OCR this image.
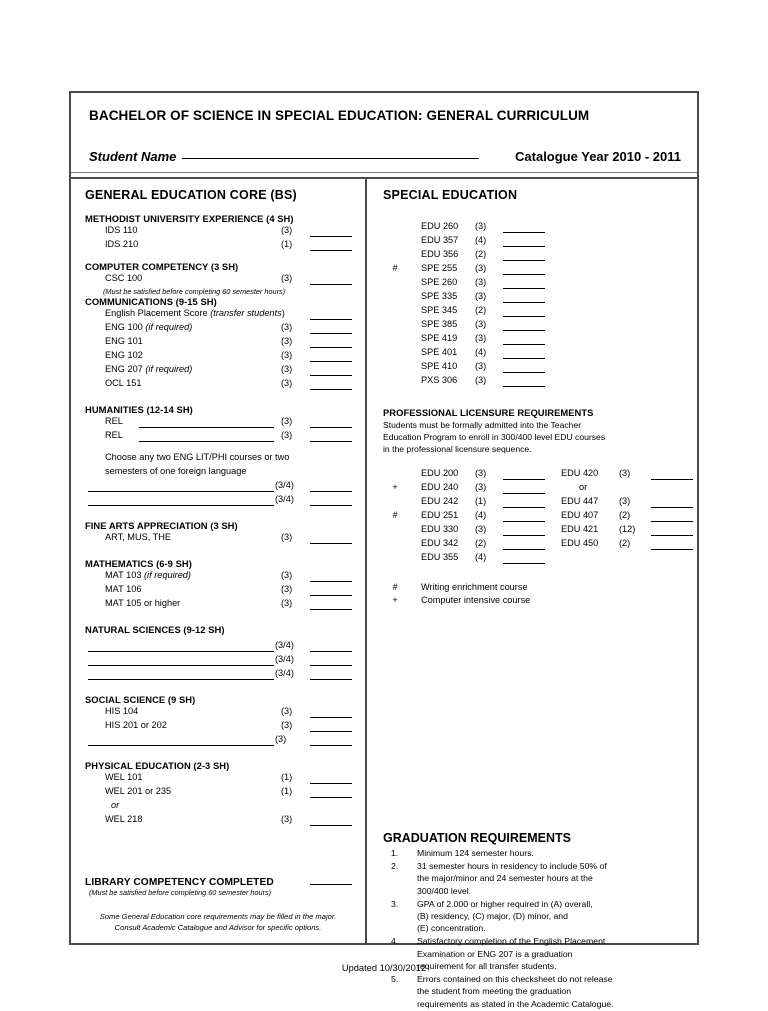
BACHELOR OF SCIENCE IN SPECIAL EDUCATION: GENERAL CURRICULUM
Student Name	Catalogue Year 2010 - 2011
GENERAL EDUCATION CORE (BS)
METHODIST UNIVERSITY EXPERIENCE (4 SH)
IDS 110	(3)
IDS 210	(1)
COMPUTER COMPETENCY (3 SH)
CSC 100	(3)
(Must be satisfied before completing 60 semester hours)
COMMUNICATIONS (9-15 SH)
English Placement Score (transfer students)
ENG 100 (if required)	(3)
ENG 101	(3)
ENG 102	(3)
ENG 207 (if required)	(3)
OCL 151	(3)
HUMANITIES (12-14 SH)
REL	(3)
REL	(3)
Choose any two ENG LIT/PHI courses or two
semesters of one foreign language
(3/4)
(3/4)
FINE ARTS APPRECIATION (3 SH)
ART, MUS, THE	(3)
MATHEMATICS (6-9 SH)
MAT 103 (if required)	(3)
MAT 106	(3)
MAT 105 or higher	(3)
NATURAL SCIENCES (9-12 SH)
(3/4)
(3/4)
(3/4)
SOCIAL SCIENCE (9 SH)
HIS 104	(3)
HIS 201 or 202	(3)
(3)
PHYSICAL EDUCATION (2-3 SH)
WEL 101	(1)
WEL 201 or 235	(1)
or
WEL 218	(3)
LIBRARY COMPETENCY COMPLETED
(Must be satisfied before completing 60 semester hours)
Some General Education core requirements may be filled in the major.
Consult Academic Catalogue and Advisor for specific options.
SPECIAL EDUCATION
EDU 260 (3)
EDU 357 (4)
EDU 356 (2)
#	SPE 255 (3)
SPE 260 (3)
SPE 335 (3)
SPE 345 (2)
SPE 385 (3)
SPE 419 (3)
SPE 401 (4)
SPE 410 (3)
PXS 306 (3)
PROFESSIONAL LICENSURE REQUIREMENTS

Students must be formally admitted into the Teacher

Education Program to enroll in 300/400 level EDU courses

in the professional licensure sequence.

EDU 200 (3)	EDU 420 (3)
+	EDU 240 (3)	or
EDU 242 (1)	EDU 447 (3)
#	EDU 251 (4)	EDU 407 (2)
EDU 330 (3)	EDU 421 (12)
EDU 342 (2)	EDU 450 (2)
EDU 355 (4)
#	Writing enrichment course
+	Computer intensive course
GRADUATION REQUIREMENTS
1. Minimum 124 semester hours.
2. 31 semester hours in residency to include 50% of
the major/minor and 24 semester hours at the
300/400 level.
3. GPA of 2.000 or higher required in (A) overall,
(B) residency, (C) major, (D) minor, and
(E) concentration.
4. Satisfactory completion of the English Placement
Examination or ENG 207 is a graduation
requirement for all transfer students.
5. Errors contained on this checksheet do not release
the student from meeting the graduation
requirements as stated in the Academic Catalogue.
Updated 10/30/2012
